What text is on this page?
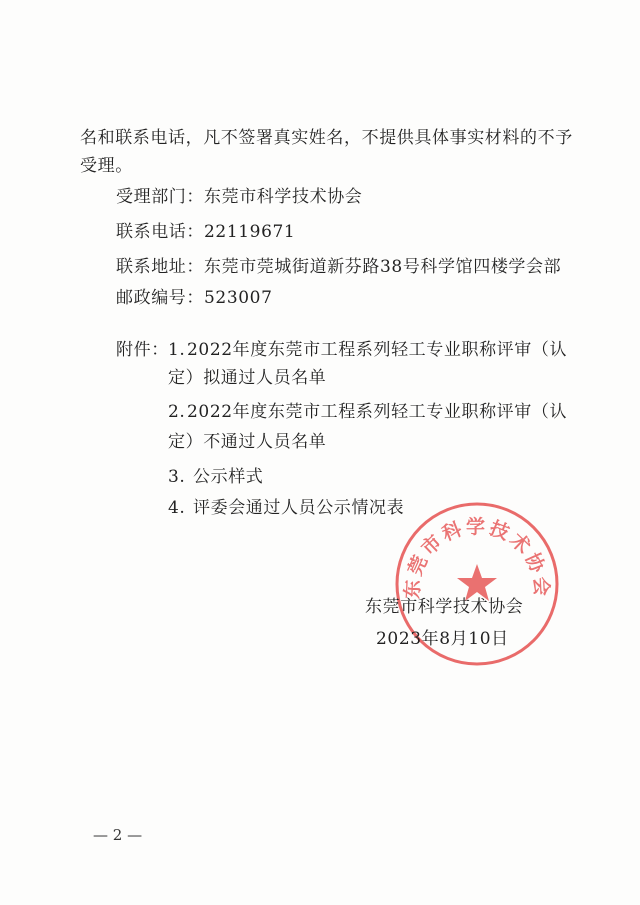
名和联系电话，凡不签署真实姓名，不提供具体事实材料的不予
受理。
受理部门：东莞市科学技术协会
联系电话：22119671
联系地址：东莞市莞城街道新芬路38号科学馆四楼学会部
邮政编号：523007
附件： 1. 2022年度东莞市工程系列轻工专业职称评审（认
定）拟通过人员名单
2. 2022年度东莞市工程系列轻工专业职称评审（认
定）不通过人员名单
3. 公示样式
4. 评委会通过人员公示情况表
东莞市科学技术协会
东莞市科学技术协会
2023年8月10日
— 2 —
